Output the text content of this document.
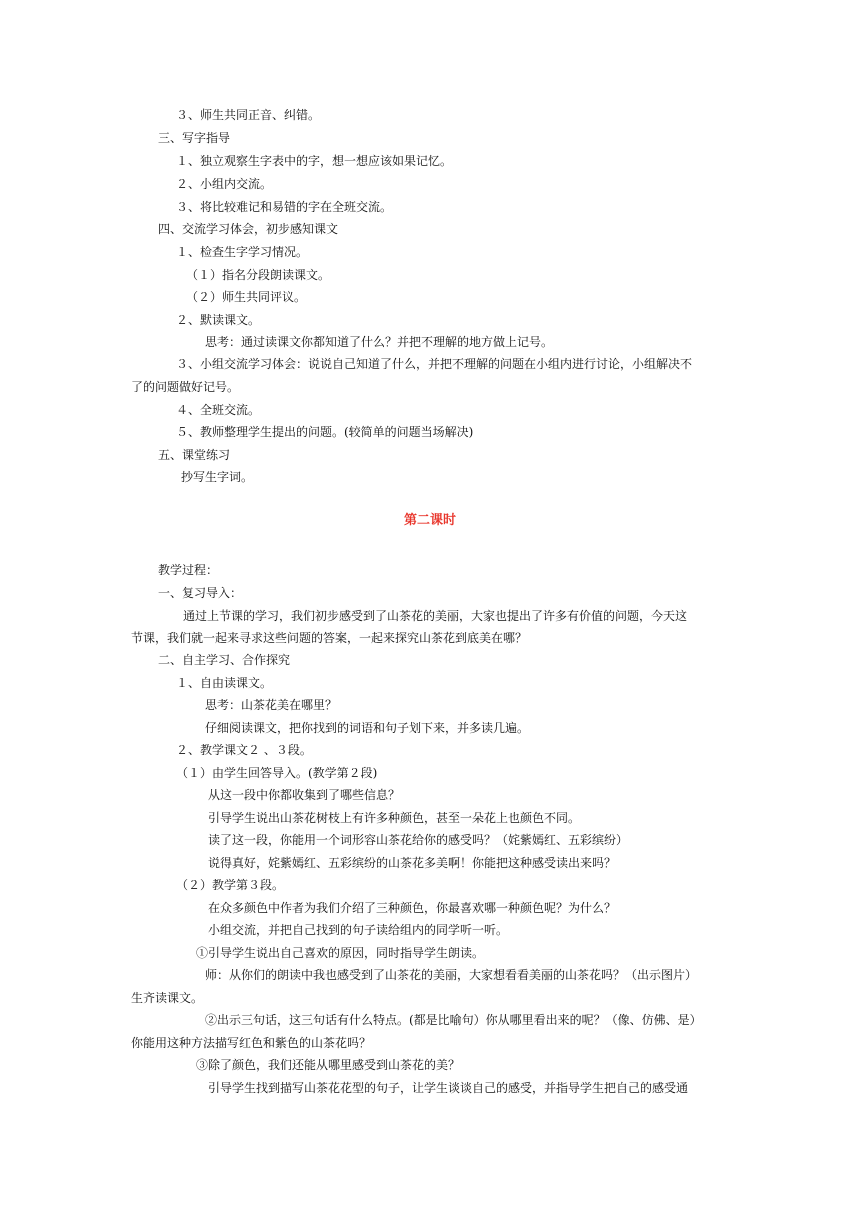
３、师生共同正音、纠错。
三、写字指导
１、独立观察生字表中的字，想一想应该如果记忆。
２、小组内交流。
３、将比较难记和易错的字在全班交流。
四、交流学习体会，初步感知课文
１、检查生字学习情况。
（１）指名分段朗读课文。
（２）师生共同评议。
２、默读课文。
思考：通过读课文你都知道了什么？并把不理解的地方做上记号。
３、小组交流学习体会：说说自己知道了什么，并把不理解的问题在小组内进行讨论，小组解决不
了的问题做好记号。
４、全班交流。
５、教师整理学生提出的问题。(较简单的问题当场解决)
五、课堂练习
抄写生字词。
第二课时
教学过程：
一、复习导入：
通过上节课的学习，我们初步感受到了山茶花的美丽，大家也提出了许多有价值的问题，今天这
节课，我们就一起来寻求这些问题的答案，一起来探究山茶花到底美在哪？
二、自主学习、合作探究
１、自由读课文。
思考：山茶花美在哪里？
仔细阅读课文，把你找到的词语和句子划下来，并多读几遍。
２、教学课文２ 、３段。
（１）由学生回答导入。(教学第２段)
从这一段中你都收集到了哪些信息？
引导学生说出山茶花树枝上有许多种颜色，甚至一朵花上也颜色不同。
读了这一段，你能用一个词形容山茶花给你的感受吗？（姹紫嫣红、五彩缤纷）
说得真好，姹紫嫣红、五彩缤纷的山茶花多美啊！你能把这种感受读出来吗？
（２）教学第３段。
在众多颜色中作者为我们介绍了三种颜色，你最喜欢哪一种颜色呢？为什么？
小组交流，并把自己找到的句子读给组内的同学听一听。
①引导学生说出自己喜欢的原因，同时指导学生朗读。
师：从你们的朗读中我也感受到了山茶花的美丽，大家想看看美丽的山茶花吗？（出示图片）
生齐读课文。
②出示三句话，这三句话有什么特点。(都是比喻句）你从哪里看出来的呢？（像、仿佛、是）
你能用这种方法描写红色和紫色的山茶花吗？
③除了颜色，我们还能从哪里感受到山茶花的美？
引导学生找到描写山茶花花型的句子，让学生谈谈自己的感受，并指导学生把自己的感受通
